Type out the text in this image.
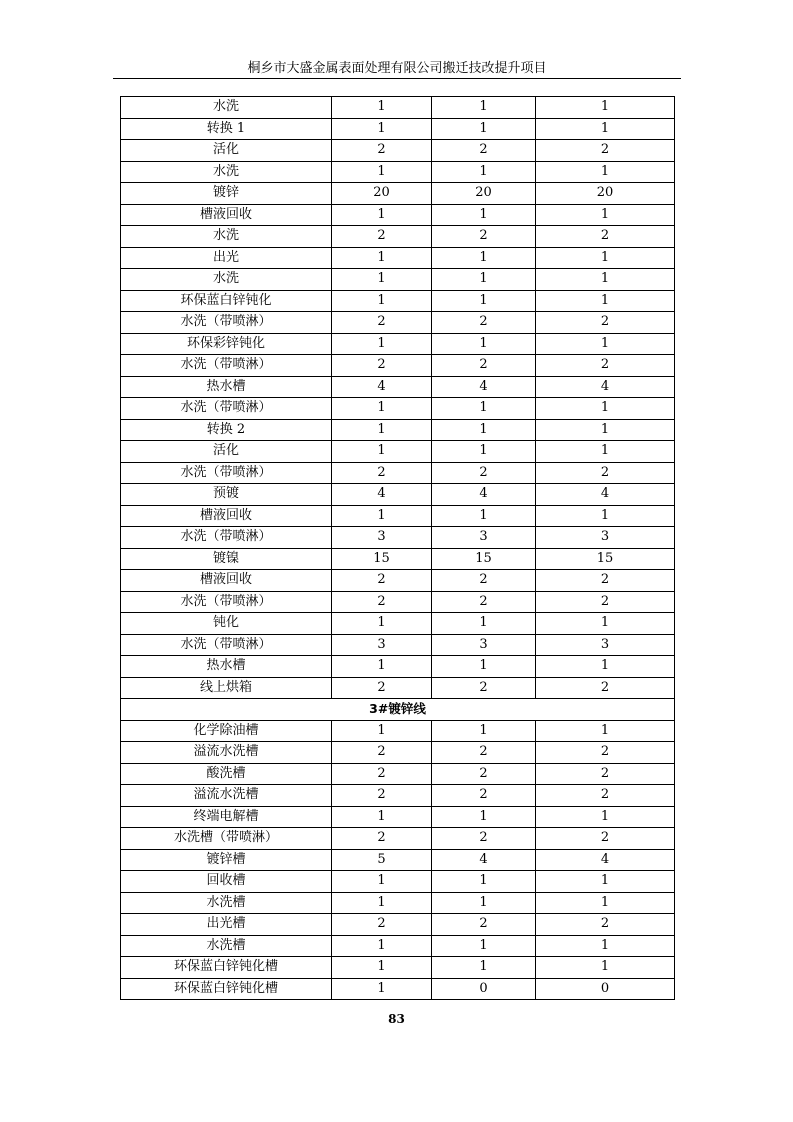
桐乡市大盛金属表面处理有限公司搬迁技改提升项目
水洗	1	1	1
转换 1	1	1	1
活化	2	2	2
水洗	1	1	1
镀锌	20	20	20
槽液回收	1	1	1
水洗	2	2	2
出光	1	1	1
水洗	1	1	1
环保蓝白锌钝化	1	1	1
水洗（带喷淋）	2	2	2
环保彩锌钝化	1	1	1
水洗（带喷淋）	2	2	2
热水槽	4	4	4
水洗（带喷淋）	1	1	1
转换 2	1	1	1
活化	1	1	1
水洗（带喷淋）	2	2	2
预镀	4	4	4
槽液回收	1	1	1
水洗（带喷淋）	3	3	3
镀镍	15	15	15
槽液回收	2	2	2
水洗（带喷淋）	2	2	2
钝化	1	1	1
水洗（带喷淋）	3	3	3
热水槽	1	1	1
线上烘箱	2	2	2
3#镀锌线			
化学除油槽	1	1	1
溢流水洗槽	2	2	2
酸洗槽	2	2	2
溢流水洗槽	2	2	2
终端电解槽	1	1	1
水洗槽（带喷淋）	2	2	2
镀锌槽	5	4	4
回收槽	1	1	1
水洗槽	1	1	1
出光槽	2	2	2
水洗槽	1	1	1
环保蓝白锌钝化槽	1	1	1
环保蓝白锌钝化槽	1	0	0
83
